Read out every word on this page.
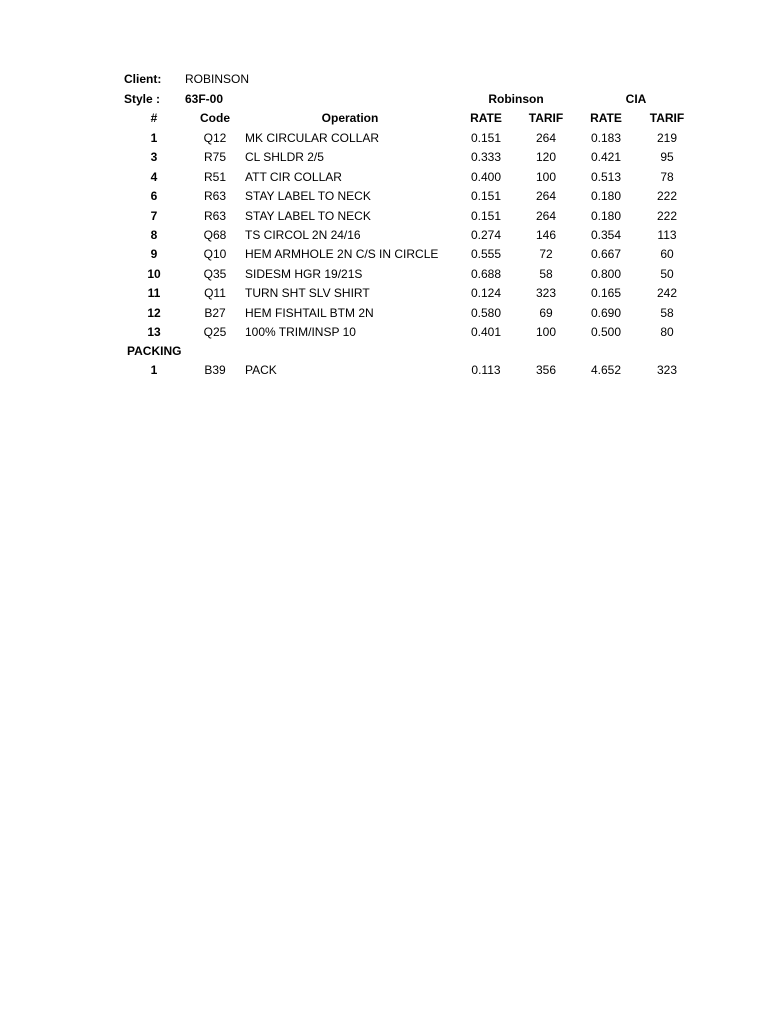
Client:	ROBINSON
Style :	63F-00	Robinson	CIA
#	Code	Operation	RATE	TARIF	RATE	TARIF
1	Q12	MK CIRCULAR COLLAR	0.151	264	0.183	219
3	R75	CL SHLDR 2/5	0.333	120	0.421	95
4	R51	ATT CIR COLLAR	0.400	100	0.513	78
6	R63	STAY LABEL TO NECK	0.151	264	0.180	222
7	R63	STAY LABEL TO NECK	0.151	264	0.180	222
8	Q68	TS CIRCOL 2N 24/16	0.274	146	0.354	113
9	Q10	HEM ARMHOLE 2N C/S IN CIRCLE	0.555	72	0.667	60
10	Q35	SIDESM HGR 19/21S	0.688	58	0.800	50
11	Q11	TURN SHT SLV SHIRT	0.124	323	0.165	242
12	B27	HEM FISHTAIL BTM 2N	0.580	69	0.690	58
13	Q25	100% TRIM/INSP 10	0.401	100	0.500	80
PACKING
1	B39	PACK	0.113	356	4.652	323
